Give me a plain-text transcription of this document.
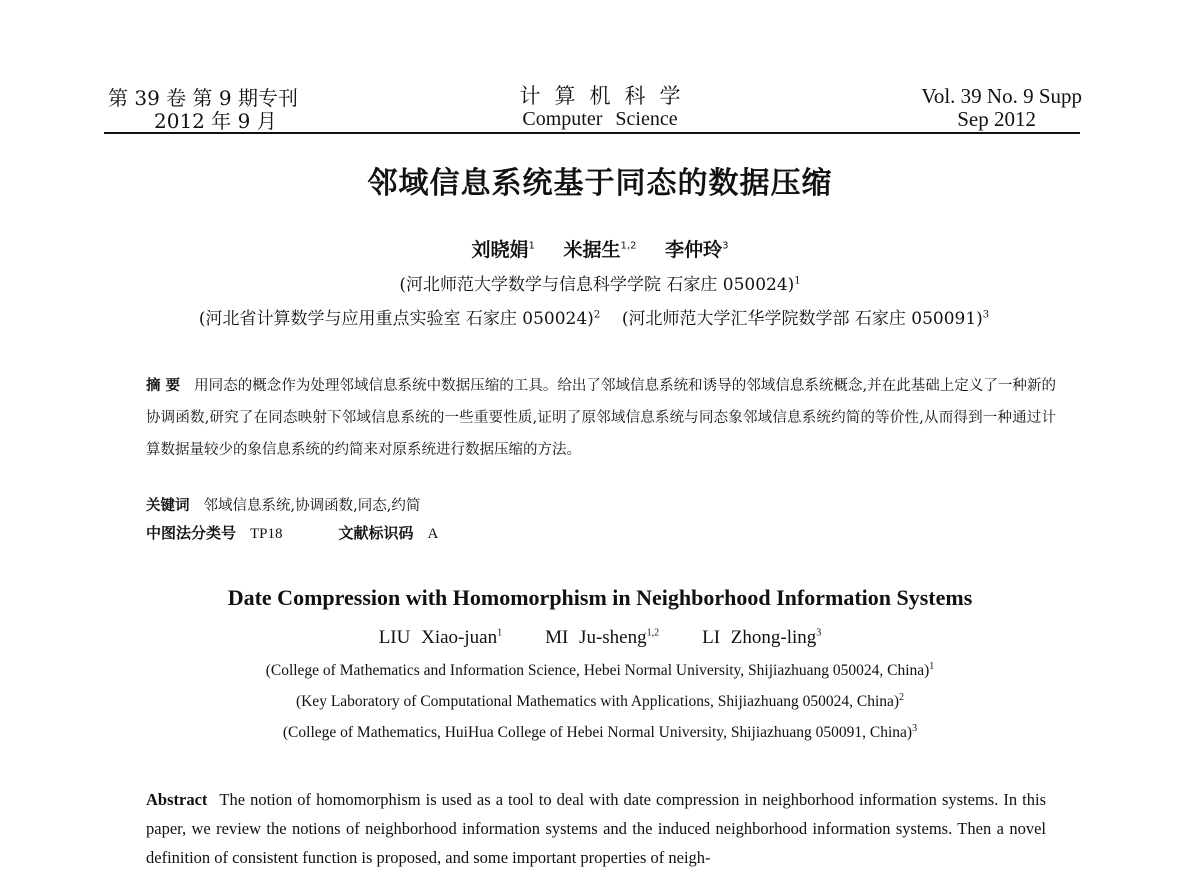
第 39 卷 第 9 期专刊
2012 年 9 月
计算机科学
Computer Science
Vol. 39 No. 9 Supp
Sep 2012
邻域信息系统基于同态的数据压缩
刘晓娟$^1$ 米据生$^{1,2}$ 李仲玲$^3$
(河北师范大学数学与信息科学学院 石家庄 050024)$^1$
(河北省计算数学与应用重点实验室 石家庄 050024)$^2$ (河北师范大学汇华学院数学部 石家庄 050091)$^3$
摘 要 用同态的概念作为处理邻域信息系统中数据压缩的工具。给出了邻域信息系统和诱导的邻域信息系统概念,并在此基础上定义了一种新的协调函数,研究了在同态映射下邻域信息系统的一些重要性质,证明了原邻域信息系统与同态象邻域信息系统约简的等价性,从而得到一种通过计算数据量较少的象信息系统的约简来对原系统进行数据压缩的方法。
关键词 邻域信息系统,协调函数,同态,约简
中图法分类号 TP18	文献标识码 A
Date Compression with Homomorphism in Neighborhood Information Systems
LIU Xiao-juan$^1$ MI Ju-sheng$^{1,2}$ LI Zhong-ling$^3$
(College of Mathematics and Information Science, Hebei Normal University, Shijiazhuang 050024, China)$^1$
(Key Laboratory of Computational Mathematics with Applications, Shijiazhuang 050024, China)$^2$
(College of Mathematics, HuiHua College of Hebei Normal University, Shijiazhuang 050091, China)$^3$
Abstract The notion of homomorphism is used as a tool to deal with date compression in neighborhood information systems. In this paper, we review the notions of neighborhood information systems and the induced neighborhood information systems. Then a novel definition of consistent function is proposed, and some important properties of neigh-
